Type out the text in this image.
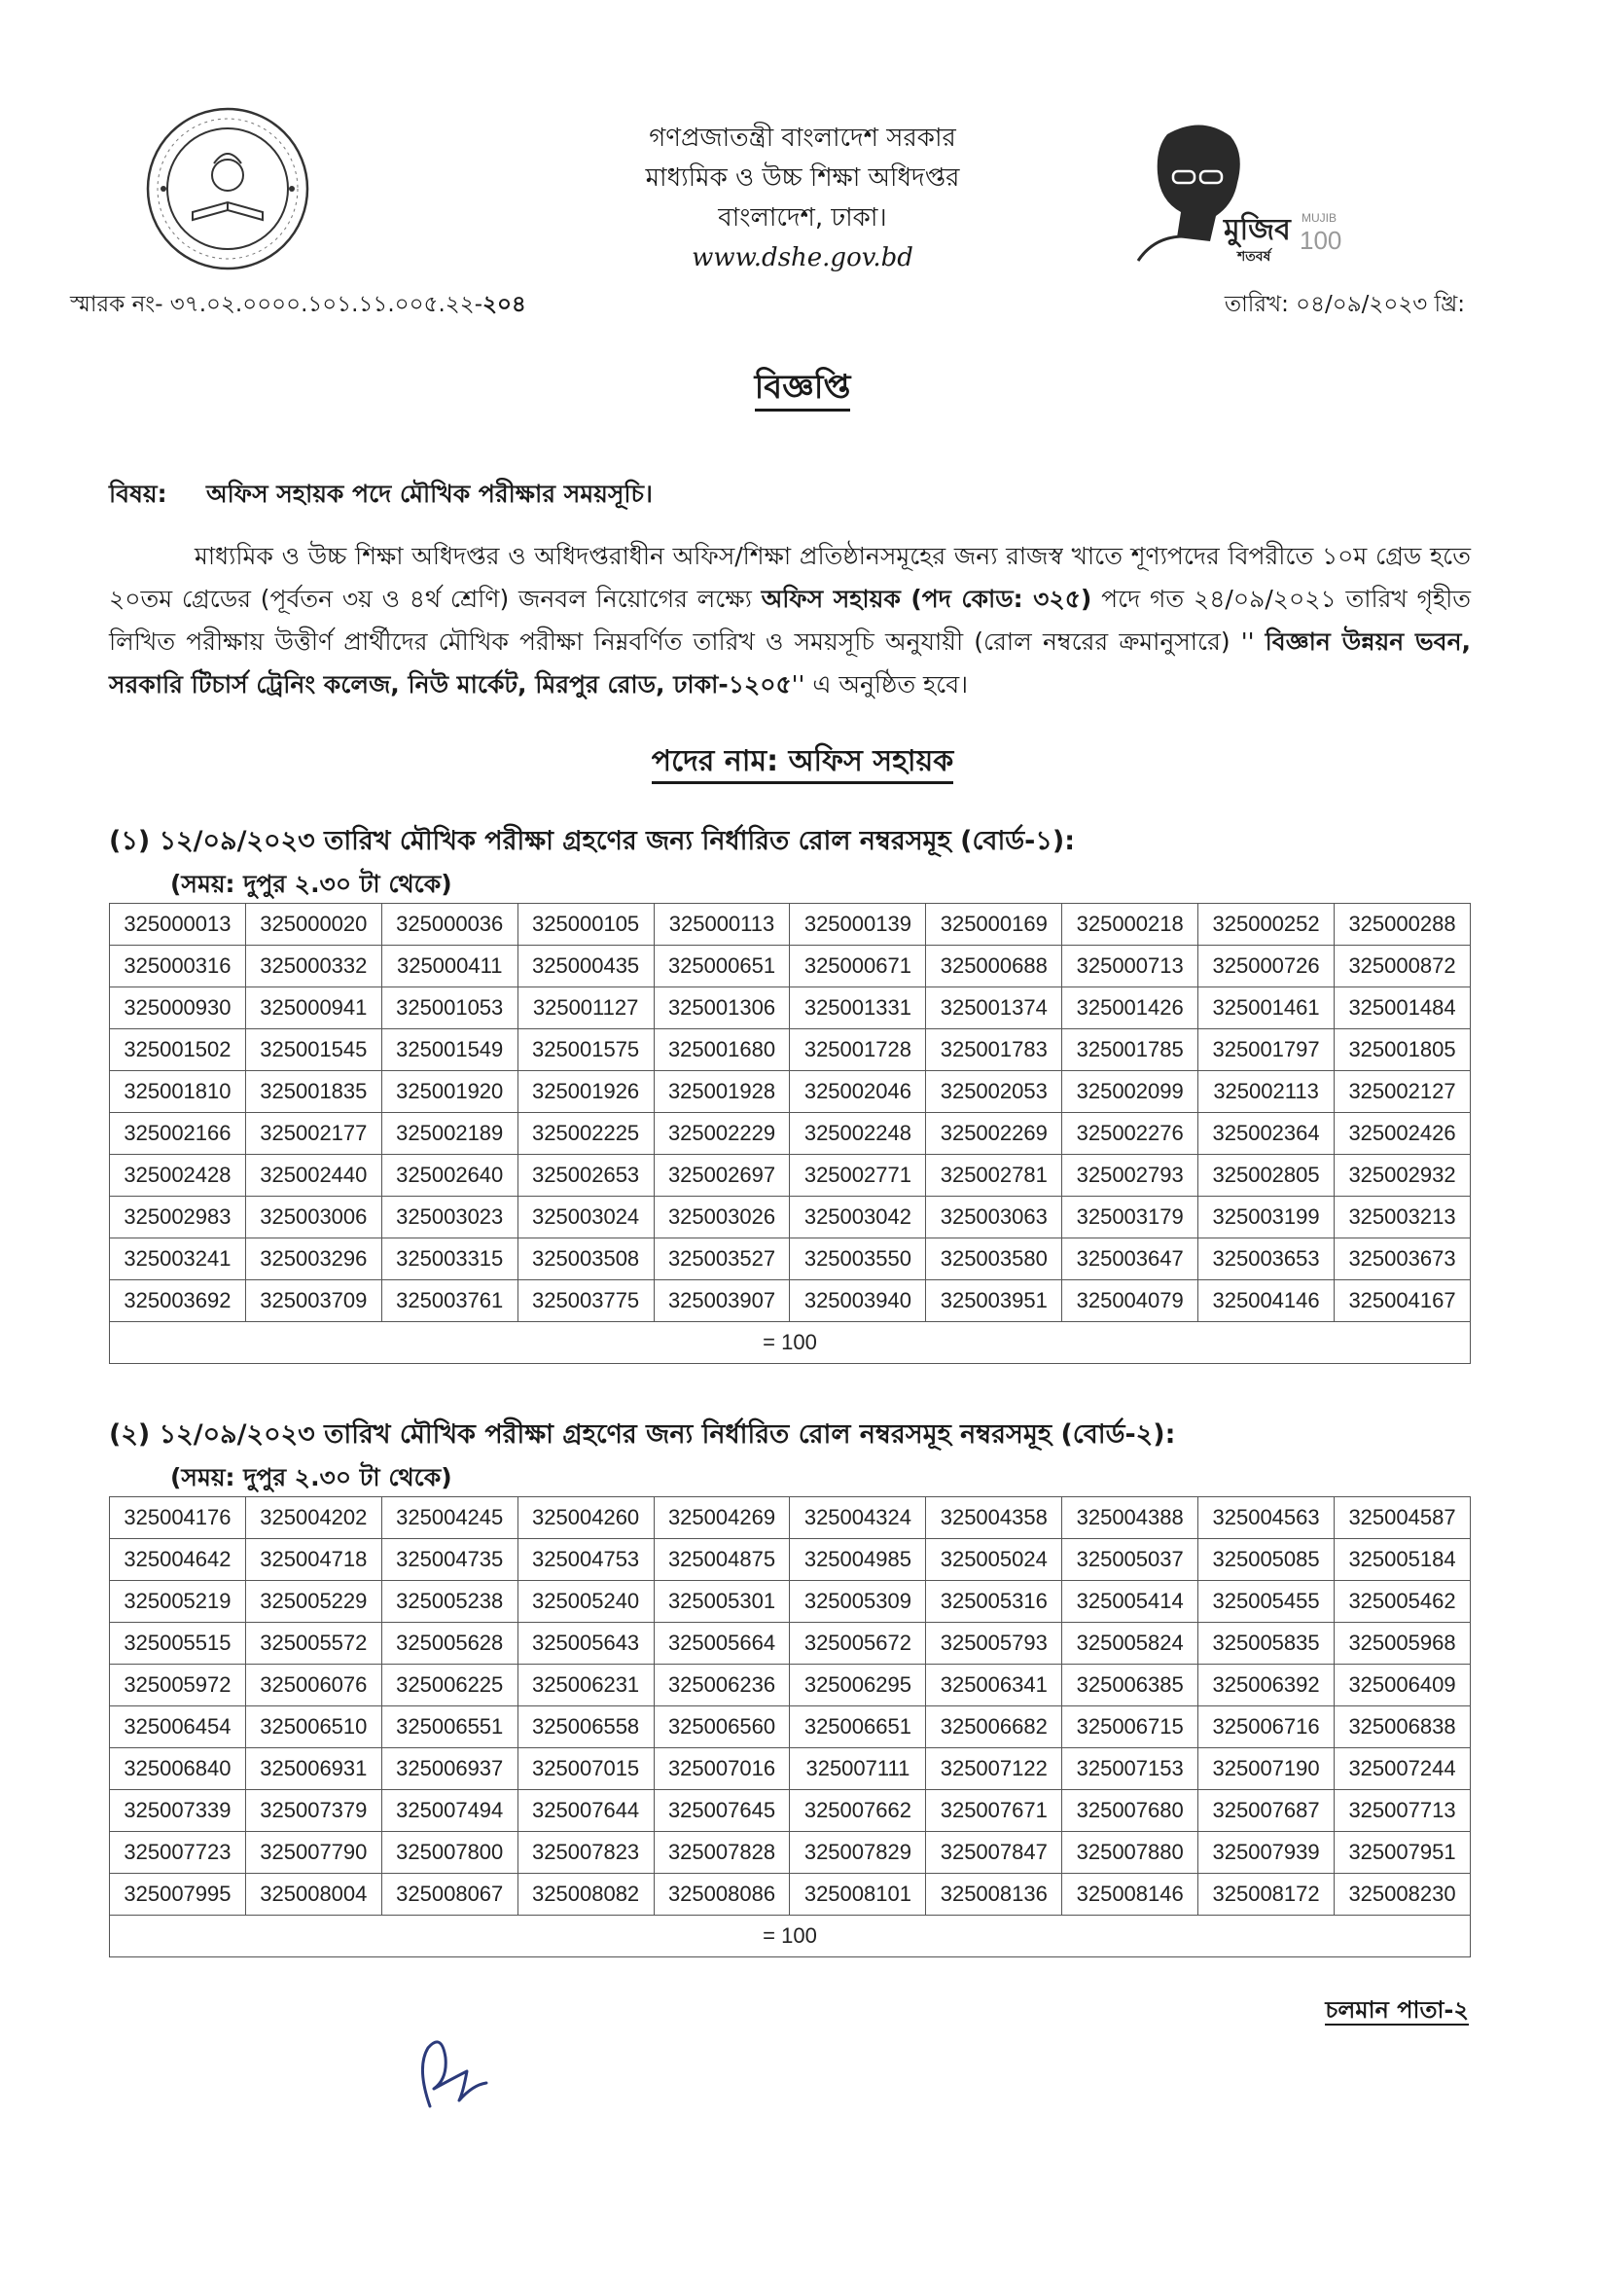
গণপ্রজাতন্ত্রী বাংলাদেশ সরকার
মাধ্যমিক ও উচ্চ শিক্ষা অধিদপ্তর
বাংলাদেশ, ঢাকা।
www.dshe.gov.bd
মুজিব
শতবর্ষ
MUJIB
100
স্মারক নং- ৩৭.০২.০০০০.১০১.১১.০০৫.২২-২০৪	তারিখ: ০৪/০৯/২০২৩ খ্রি:
বিজ্ঞপ্তি
বিষয়: অফিস সহায়ক পদে মৌখিক পরীক্ষার সময়সূচি।

মাধ্যমিক ও উচ্চ শিক্ষা অধিদপ্তর ও অধিদপ্তরাধীন অফিস/শিক্ষা প্রতিষ্ঠানসমূহের জন্য রাজস্ব খাতে শূণ্যপদের বিপরীতে ১০ম গ্রেড হতে ২০তম গ্রেডের (পূর্বতন ৩য় ও ৪র্থ শ্রেণি) জনবল নিয়োগের লক্ষ্যে অফিস সহায়ক (পদ কোড: ৩২৫) পদে গত ২৪/০৯/২০২১ তারিখ গৃহীত লিখিত পরীক্ষায় উত্তীর্ণ প্রার্থীদের মৌখিক পরীক্ষা নিম্নবর্ণিত তারিখ ও সময়সূচি অনুযায়ী (রোল নম্বরের ক্রমানুসারে) '' বিজ্ঞান উন্নয়ন ভবন, সরকারি টিচার্স ট্রেনিং কলেজ, নিউ মার্কেট, মিরপুর রোড, ঢাকা-১২০৫'' এ অনুষ্ঠিত হবে।

পদের নাম: অফিস সহায়ক
(১) ১২/০৯/২০২৩ তারিখ মৌখিক পরীক্ষা গ্রহণের জন্য নির্ধারিত রোল নম্বরসমূহ (বোর্ড-১):
(সময়: দুপুর ২.৩০ টা থেকে)
325000013	325000020	325000036	325000105	325000113	325000139	325000169	325000218	325000252	325000288
325000316	325000332	325000411	325000435	325000651	325000671	325000688	325000713	325000726	325000872
325000930	325000941	325001053	325001127	325001306	325001331	325001374	325001426	325001461	325001484
325001502	325001545	325001549	325001575	325001680	325001728	325001783	325001785	325001797	325001805
325001810	325001835	325001920	325001926	325001928	325002046	325002053	325002099	325002113	325002127
325002166	325002177	325002189	325002225	325002229	325002248	325002269	325002276	325002364	325002426
325002428	325002440	325002640	325002653	325002697	325002771	325002781	325002793	325002805	325002932
325002983	325003006	325003023	325003024	325003026	325003042	325003063	325003179	325003199	325003213
325003241	325003296	325003315	325003508	325003527	325003550	325003580	325003647	325003653	325003673
325003692	325003709	325003761	325003775	325003907	325003940	325003951	325004079	325004146	325004167
= 100									
(২) ১২/০৯/২০২৩ তারিখ মৌখিক পরীক্ষা গ্রহণের জন্য নির্ধারিত রোল নম্বরসমূহ নম্বরসমূহ (বোর্ড-২):
(সময়: দুপুর ২.৩০ টা থেকে)
325004176	325004202	325004245	325004260	325004269	325004324	325004358	325004388	325004563	325004587
325004642	325004718	325004735	325004753	325004875	325004985	325005024	325005037	325005085	325005184
325005219	325005229	325005238	325005240	325005301	325005309	325005316	325005414	325005455	325005462
325005515	325005572	325005628	325005643	325005664	325005672	325005793	325005824	325005835	325005968
325005972	325006076	325006225	325006231	325006236	325006295	325006341	325006385	325006392	325006409
325006454	325006510	325006551	325006558	325006560	325006651	325006682	325006715	325006716	325006838
325006840	325006931	325006937	325007015	325007016	325007111	325007122	325007153	325007190	325007244
325007339	325007379	325007494	325007644	325007645	325007662	325007671	325007680	325007687	325007713
325007723	325007790	325007800	325007823	325007828	325007829	325007847	325007880	325007939	325007951
325007995	325008004	325008067	325008082	325008086	325008101	325008136	325008146	325008172	325008230
= 100									
চলমান পাতা-২
